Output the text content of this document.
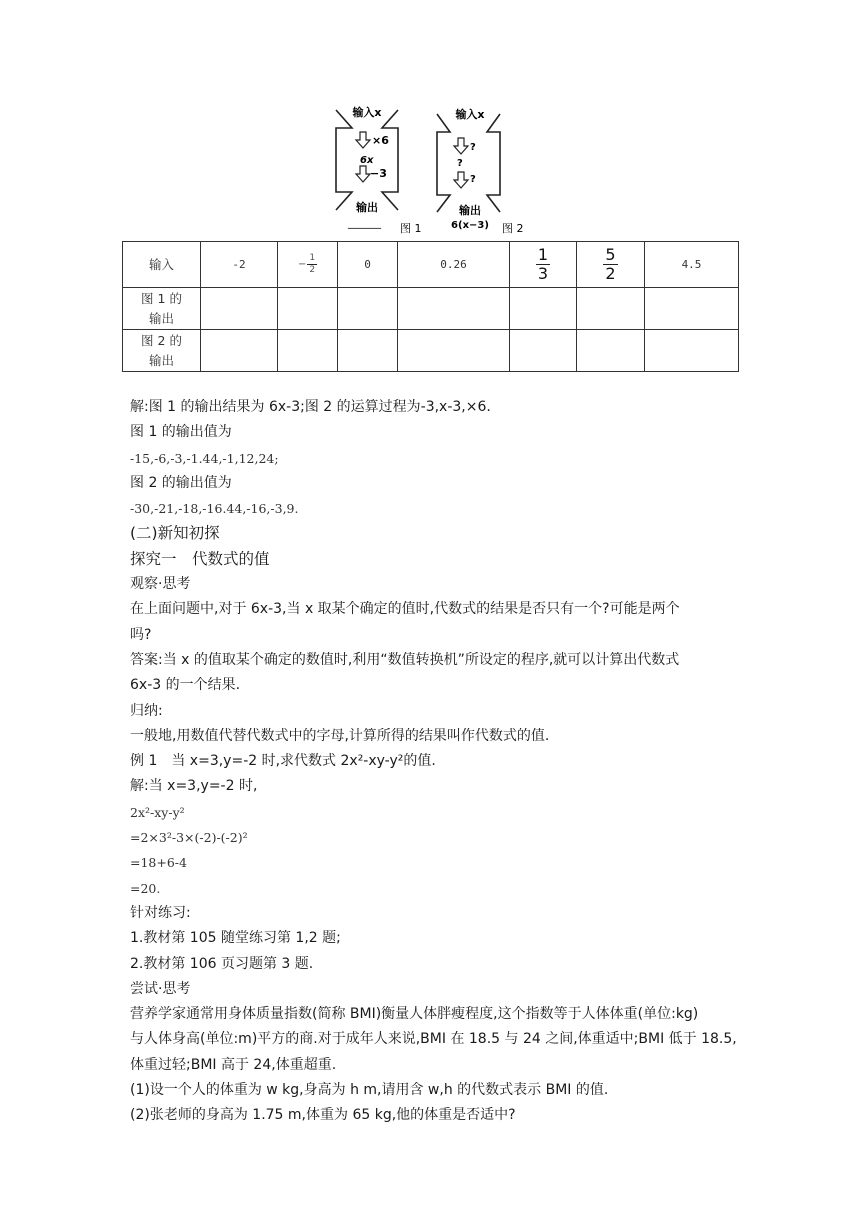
输入x
×6
6x
−3
输出
______ 图 1
输入x
?
?
?
输出
6(x−3) 图 2
输入	-2	− $\frac{1}{2}$	0	0.26	$\frac{1}{3}$	$\frac{5}{2}$	4.5
图 1 的
输出							
图 2 的
输出							

解:图 1 的输出结果为 6x-3;图 2 的运算过程为-3,x-3,×6.

图 1 的输出值为

-15,-6,-3,-1.44,-1,12,24;

图 2 的输出值为

-30,-21,-18,-16.44,-16,-3,9.

(二)新知初探

探究一　代数式的值

观察·思考

在上面问题中,对于 6x-3,当 x 取某个确定的值时,代数式的结果是否只有一个?可能是两个

吗?

答案:当 x 的值取某个确定的数值时,利用“数值转换机”所设定的程序,就可以计算出代数式

6x-3 的一个结果.

归纳:

一般地,用数值代替代数式中的字母,计算所得的结果叫作代数式的值.

例 1　当 x=3,y=-2 时,求代数式 2x²-xy-y²的值.

解:当 x=3,y=-2 时,

2x²-xy-y²

=2×3²-3×(-2)-(-2)²

=18+6-4

=20.

针对练习:

1.教材第 105 随堂练习第 1,2 题;

2.教材第 106 页习题第 3 题.

尝试·思考

营养学家通常用身体质量指数(简称 BMI)衡量人体胖瘦程度,这个指数等于人体体重(单位:kg)

与人体身高(单位:m)平方的商.对于成年人来说,BMI 在 18.5 与 24 之间,体重适中;BMI 低于 18.5,

体重过轻;BMI 高于 24,体重超重.

(1)设一个人的体重为 w kg,身高为 h m,请用含 w,h 的代数式表示 BMI 的值.

(2)张老师的身高为 1.75 m,体重为 65 kg,他的体重是否适中?
